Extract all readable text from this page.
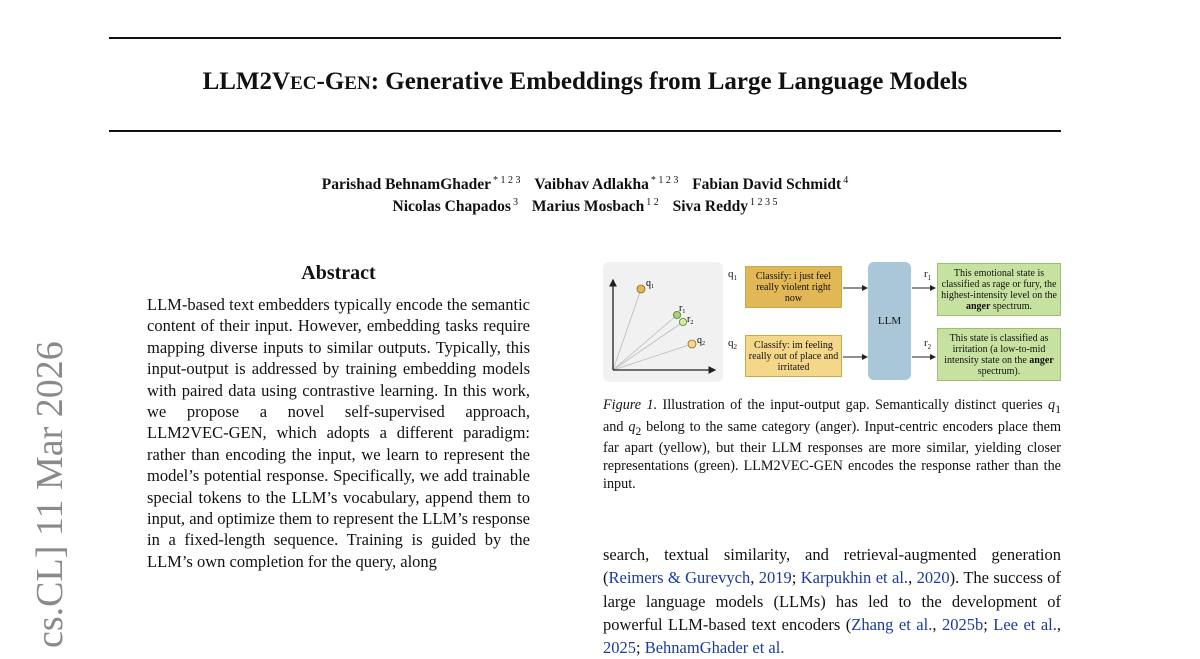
LLM2VEC-GEN: Generative Embeddings from Large Language Models
Parishad BehnamGhader $^{* 1 2 3}$ Vaibhav Adlakha $^{* 1 2 3}$ Fabian David Schmidt $^4$
Nicolas Chapados $^3$ Marius Mosbach $^{1 2}$ Siva Reddy $^{1 2 3 5}$
cs.CL] 11 Mar 2026
Abstract
LLM-based text embedders typically encode the semantic content of their input. However, embedding tasks require mapping diverse inputs to similar outputs. Typically, this input-output is addressed by training embedding models with paired data using contrastive learning. In this work, we propose a novel self-supervised approach, LLM2VEC-GEN, which adopts a different paradigm: rather than encoding the input, we learn to represent the model’s potential response. Specifically, we add trainable special tokens to the LLM’s vocabulary, append them to input, and optimize them to represent the LLM’s response in a fixed-length sequence. Training is guided by the LLM’s own completion for the query, along
$q_1$
$r_1$
$r_2$
$q_2$
$q_1$	Classify: i just feel really violent right now
$q_2$	Classify: im feeling really out of place and irritated
LLM
$r_1$	This emotional state is classified as rage or fury, the highest-intensity level on the anger spectrum.
$r_2$
This state is classified as irritation (a low-to-mid intensity state on the anger spectrum).
Figure 1. Illustration of the input-output gap. Semantically distinct queries $q_1$ and $q_2$ belong to the same category (anger). Input-centric encoders place them far apart (yellow), but their LLM responses are more similar, yielding closer representations (green). LLM2VEC-GEN encodes the response rather than the input.
search, textual similarity, and retrieval-augmented generation (Reimers & Gurevych, 2019; Karpukhin et al., 2020). The success of large language models (LLMs) has led to the development of powerful LLM-based text encoders (Zhang et al., 2025b; Lee et al., 2025; BehnamGhader et al.
